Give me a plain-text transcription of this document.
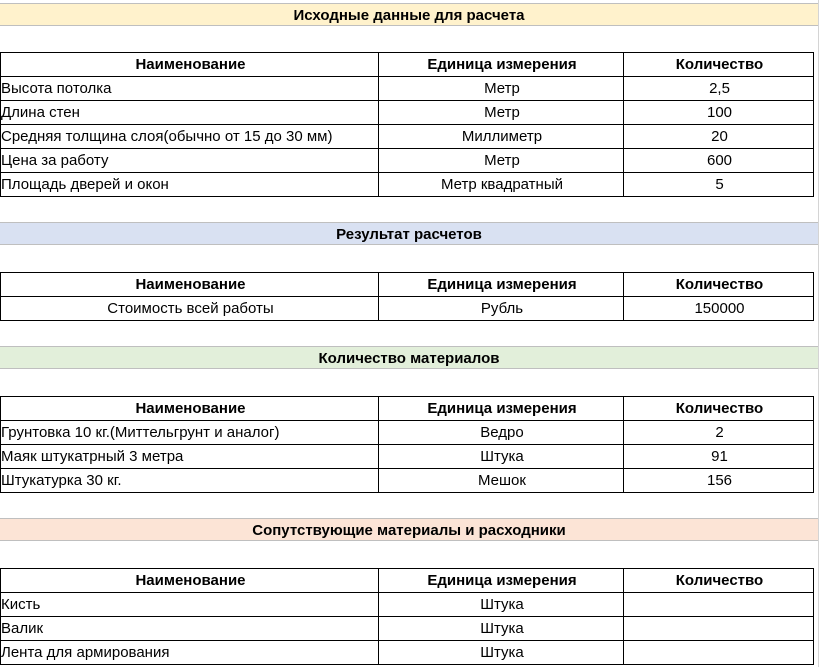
Исходные данные для расчета
Наименование	Единица измерения	Количество
Высота потолка	Метр	2,5
Длина стен	Метр	100
Средняя толщина слоя(обычно от 15 до 30 мм)	Миллиметр	20
Цена за работу	Метр	600
Площадь дверей и окон	Метр квадратный	5
Результат расчетов
Наименование	Единица измерения	Количество
Стоимость всей работы	Рубль	150000
Количество материалов
Наименование	Единица измерения	Количество
Грунтовка 10 кг.(Миттельгрунт и аналог)	Ведро	2
Маяк штукатрный 3 метра	Штука	91
Штукатурка 30 кг.	Мешок	156
Сопутствующие материалы и расходники
Наименование	Единица измерения	Количество
Кисть	Штука	
Валик	Штука	
Лента для армирования	Штука	
